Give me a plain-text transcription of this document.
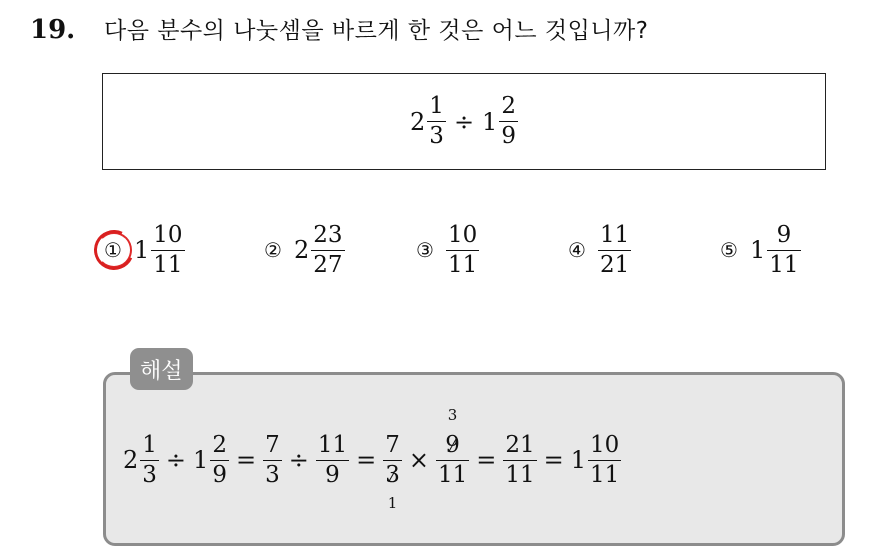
19.	다음 분수의 나눗셈을 바르게 한 것은 어느 것입니까?
$2 \frac{1}{3} \div 1 \frac{2}{9}$
① $1 \frac{10}{11}$	② $2 \frac{23}{27}$	③ $\frac{10}{11}$	④ $\frac{11}{21}$	⑤ $1 \frac{9}{11}$
해설
$2 \frac{1}{3} \div 1 \frac{2}{9} = \frac{7}{3} \div \frac{11}{9} = 7$
3
1 × 3
9
$11 = \frac{21}{11} = 1 \frac{10}{11}$
